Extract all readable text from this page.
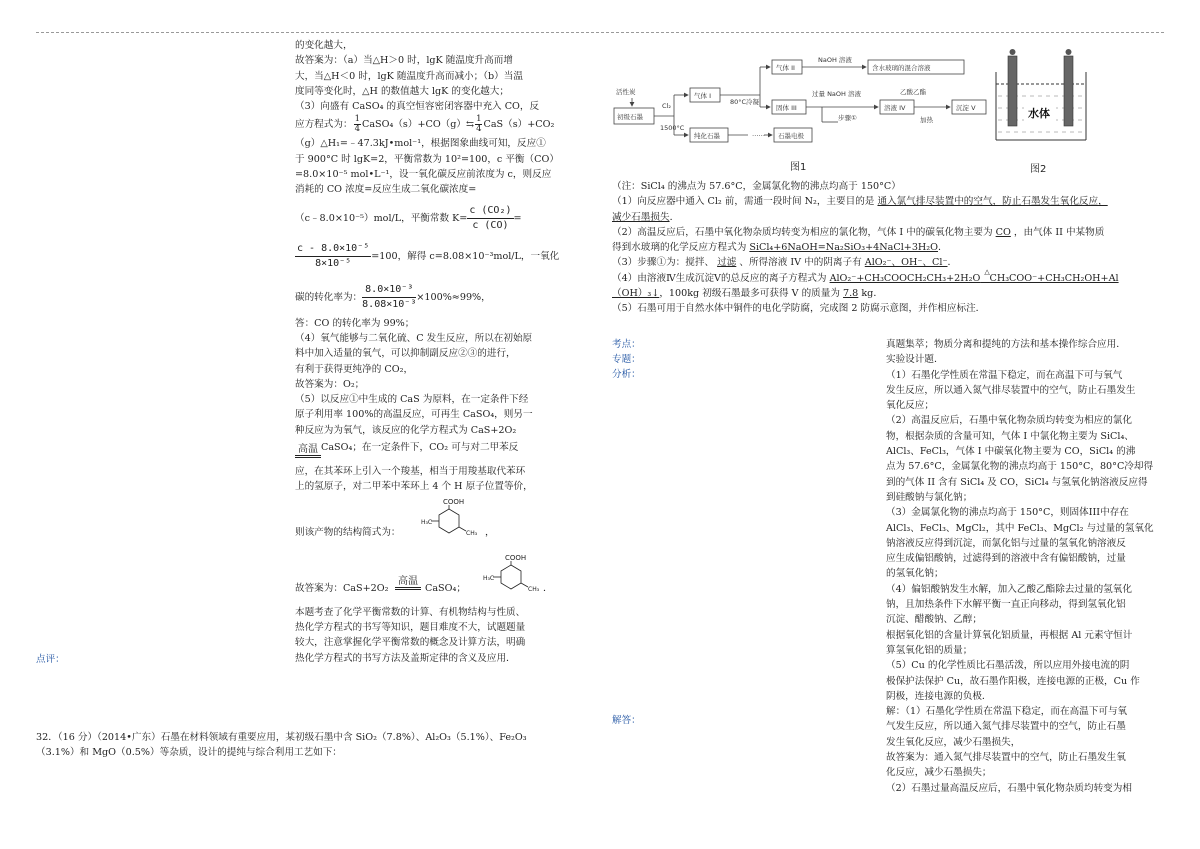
的变化越大，

故答案为：（a）当△H＞0 时，lgK 随温度升高而增

大，当△H＜0 时，lgK 随温度升高而减小；（b）当温

度同等变化时，△H 的数值越大 lgK 的变化越大；

（3）向盛有 CaSO₄ 的真空恒容密闭容器中充入 CO，反

应方程式为： $\frac{1}{4}$ CaSO₄（s）+CO（g）⇆ $\frac{1}{4} CaS(s)+CO_2$

（g）△H₁=﹣47.3kJ•mol⁻¹，根据图象曲线可知，反应①

于 900°C 时 lgK=2，平衡常数为 10²=100，c 平衡（CO）

=8.0×10⁻⁵ mol•L⁻¹，设一氧化碳反应前浓度为 c，则反应

消耗的 CO 浓度=反应生成二氧化碳浓度=

（c﹣8.0×10⁻⁵）mol/L，平衡常数 $K= \frac{\text{c (CO₂)}}{c (CO)}$ =

$\frac{\text{c - 8.0×10⁻⁵}}{\text{8×10⁻⁵}} =100$，解得 c=8.08×10⁻³mol/L，一氧化

碳的转化率为： $\frac{\text{8.0×10⁻³}}{\text{8.08×10⁻³}} \times 100\%\approx 99\%$，

答：CO 的转化率为 99%；

（4）氧气能够与二氧化硫、C 发生反应，所以在初始原

料中加入适量的氧气，可以抑制副反应②③的进行，

有利于获得更纯净的 CO₂，

故答案为：O₂；

（5）以反应①中生成的 CaS 为原料，在一定条件下经

原子利用率 100%的高温反应，可再生 CaSO₄，则另一

种反应为为氧气，该反应的化学方程式为 CaS+2O₂

高温 CaSO₄；在一定条件下，CO₂ 可与对二甲苯反

应，在其苯环上引入一个羧基，相当于用羧基取代苯环

上的氢原子，对二甲苯中苯环上 4 个 H 原子位置等价，

则该产物的结构简式为：
COOH
H₃C
CH₃ ，
故答案为：CaS+2O₂
高温
CaSO₄；
COOH
H₃C
CH₃ ．

本题考查了化学平衡常数的计算、有机物结构与性质、

热化学方程式的书写等知识，题目难度不大，试题题量

较大，注意掌握化学平衡常数的概念及计算方法，明确

热化学方程式的书写方法及盖斯定律的含义及应用．

点评：

32．（16 分）（2014•广东）石墨在材料领域有重要应用，某初级石墨中含 SiO₂（7.8%）、Al₂O₃（5.1%）、Fe₂O₃

（3.1%）和 MgO（0.5%）等杂质，设计的提纯与综合利用工艺如下：

活性炭
初级石墨
Cl₂
1500°C
气体 I
气体 II
NaOH 溶液
含水玻璃的混合溶液
80°C冷凝
固体 III
过量 NaOH 溶液
溶液 IV
乙酸乙酯
加热
沉淀 V
步骤①
纯化石墨	…… 石墨电极
图1
水体
图2

（注：SiCl₄ 的沸点为 57.6°C，金属氯化物的沸点均高于 150°C）

（1）向反应器中通入 Cl₂ 前，需通一段时间 N₂，主要目的是 通入氯气排尽装置中的空气，防止石墨发生氧化反应，

减少石墨损失．

（2）高温反应后，石墨中氧化物杂质均转变为相应的氯化物，气体 I 中的碳氧化物主要为 CO ，由气体 II 中某物质

得到水玻璃的化学反应方程式为 SiCl₄+6NaOH=Na₂SiO₃+4NaCl+3H₂O．

（3）步骤①为：搅拌、 过滤 、所得溶液 IV 中的阴离子有 AlO₂⁻、OH⁻、Cl⁻．

（4）由溶液Ⅳ生成沉淀Ⅴ的总反应的离子方程式为 AlO₂⁻+CH₃COOCH₂CH₃+2H₂O
△
CH₃COO⁻+CH₃CH₂OH+Al

（OH）₃↓，100kg 初级石墨最多可获得 V 的质量为 7.8 kg．

（5）石墨可用于自然水体中铜件的电化学防腐，完成图 2 防腐示意图，并作相应标注．

考点：
专题：
分析：
解答：

真题集萃；物质分离和提纯的方法和基本操作综合应用．

实验设计题．

（1）石墨化学性质在常温下稳定，而在高温下可与氧气

发生反应，所以通入氮气排尽装置中的空气，防止石墨发生

氧化反应；

（2）高温反应后，石墨中氧化物杂质均转变为相应的氯化

物，根据杂质的含量可知，气体 I 中氯化物主要为 SiCl₄、

AlCl₃、FeCl₃，气体 I 中碳氧化物主要为 CO，SiCl₄ 的沸

点为 57.6°C，金属氯化物的沸点均高于 150°C，80°C冷却得

到的气体 II 含有 SiCl₄ 及 CO，SiCl₄ 与氢氧化钠溶液反应得

到硅酸钠与氯化钠；

（3）金属氯化物的沸点均高于 150°C，则固体III中存在

AlCl₃、FeCl₃、MgCl₂，其中 FeCl₃、MgCl₂ 与过量的氢氧化

钠溶液反应得到沉淀，而氯化铝与过量的氢氧化钠溶液反

应生成偏铝酸钠，过滤得到的溶液中含有偏铝酸钠，过量

的氢氧化钠；

（4）偏铝酸钠发生水解，加入乙酸乙酯除去过量的氢氧化

钠，且加热条件下水解平衡一直正向移动，得到氢氧化铝

沉淀、醋酸钠、乙醇；

根据氧化铝的含量计算氧化铝质量，再根据 Al 元素守恒计

算氢氧化铝的质量；

（5）Cu 的化学性质比石墨活泼，所以应用外接电流的阴

极保护法保护 Cu，故石墨作阳极，连接电源的正极，Cu 作

阴极，连接电源的负极．

解：（1）石墨化学性质在常温下稳定，而在高温下可与氧

气发生反应，所以通入氮气排尽装置中的空气，防止石墨

发生氧化反应，减少石墨损失，

故答案为：通入氮气排尽装置中的空气，防止石墨发生氧

化反应，减少石墨损失；

（2）石墨过量高温反应后，石墨中氧化物杂质均转变为相
